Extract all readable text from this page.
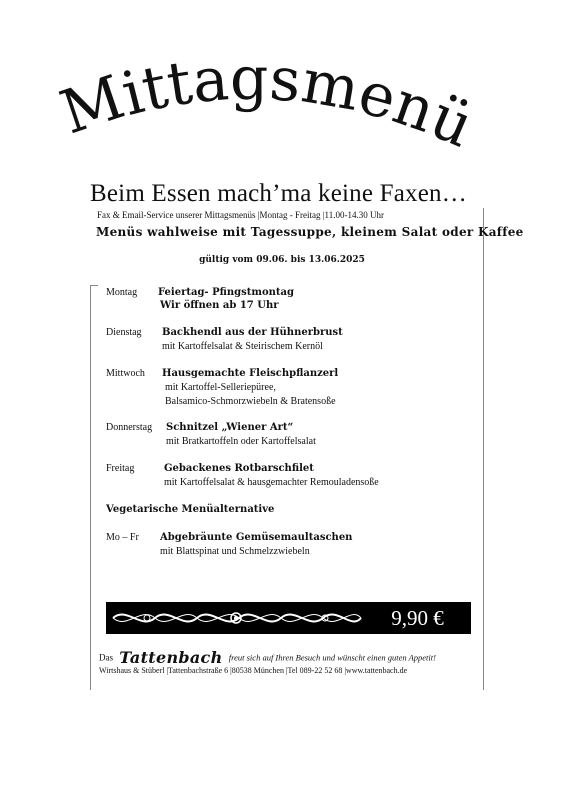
Mittagsmenü
Beim Essen mach’ma keine Faxen…
Fax & Email-Service unserer Mittagsmenüs |Montag - Freitag |11.00-14.30 Uhr
Menüs wahlweise mit Tagessuppe, kleinem Salat oder Kaffee
gültig vom 09.06. bis 13.06.2025
Montag Feiertag- Pfingstmontag
Wir öffnen ab 17 Uhr
Dienstag Backhendl aus der Hühnerbrust
mit Kartoffelsalat & Steirischem Kernöl
Mittwoch Hausgemachte Fleischpflanzerl
mit Kartoffel-Selleriepüree,
Balsamico-Schmorzwiebeln & Bratensoße
Donnerstag Schnitzel „Wiener Art“
mit Bratkartoffeln oder Kartoffelsalat
Freitag	Gebackenes Rotbarschfilet
mit Kartoffelsalat & hausgemachter Remouladensoße
Vegetarische Menüalternative
Mo – Fr Abgebräunte Gemüsemaultaschen
mit Blattspinat und Schmelzzwiebeln
9,90 €
Das Tattenbach freut sich auf Ihren Besuch und wünscht einen guten Appetit!
Wirtshaus & Stüberl |Tattenbachstraße 6 |80538 München |Tel 089-22 52 68 |www.tattenbach.de
